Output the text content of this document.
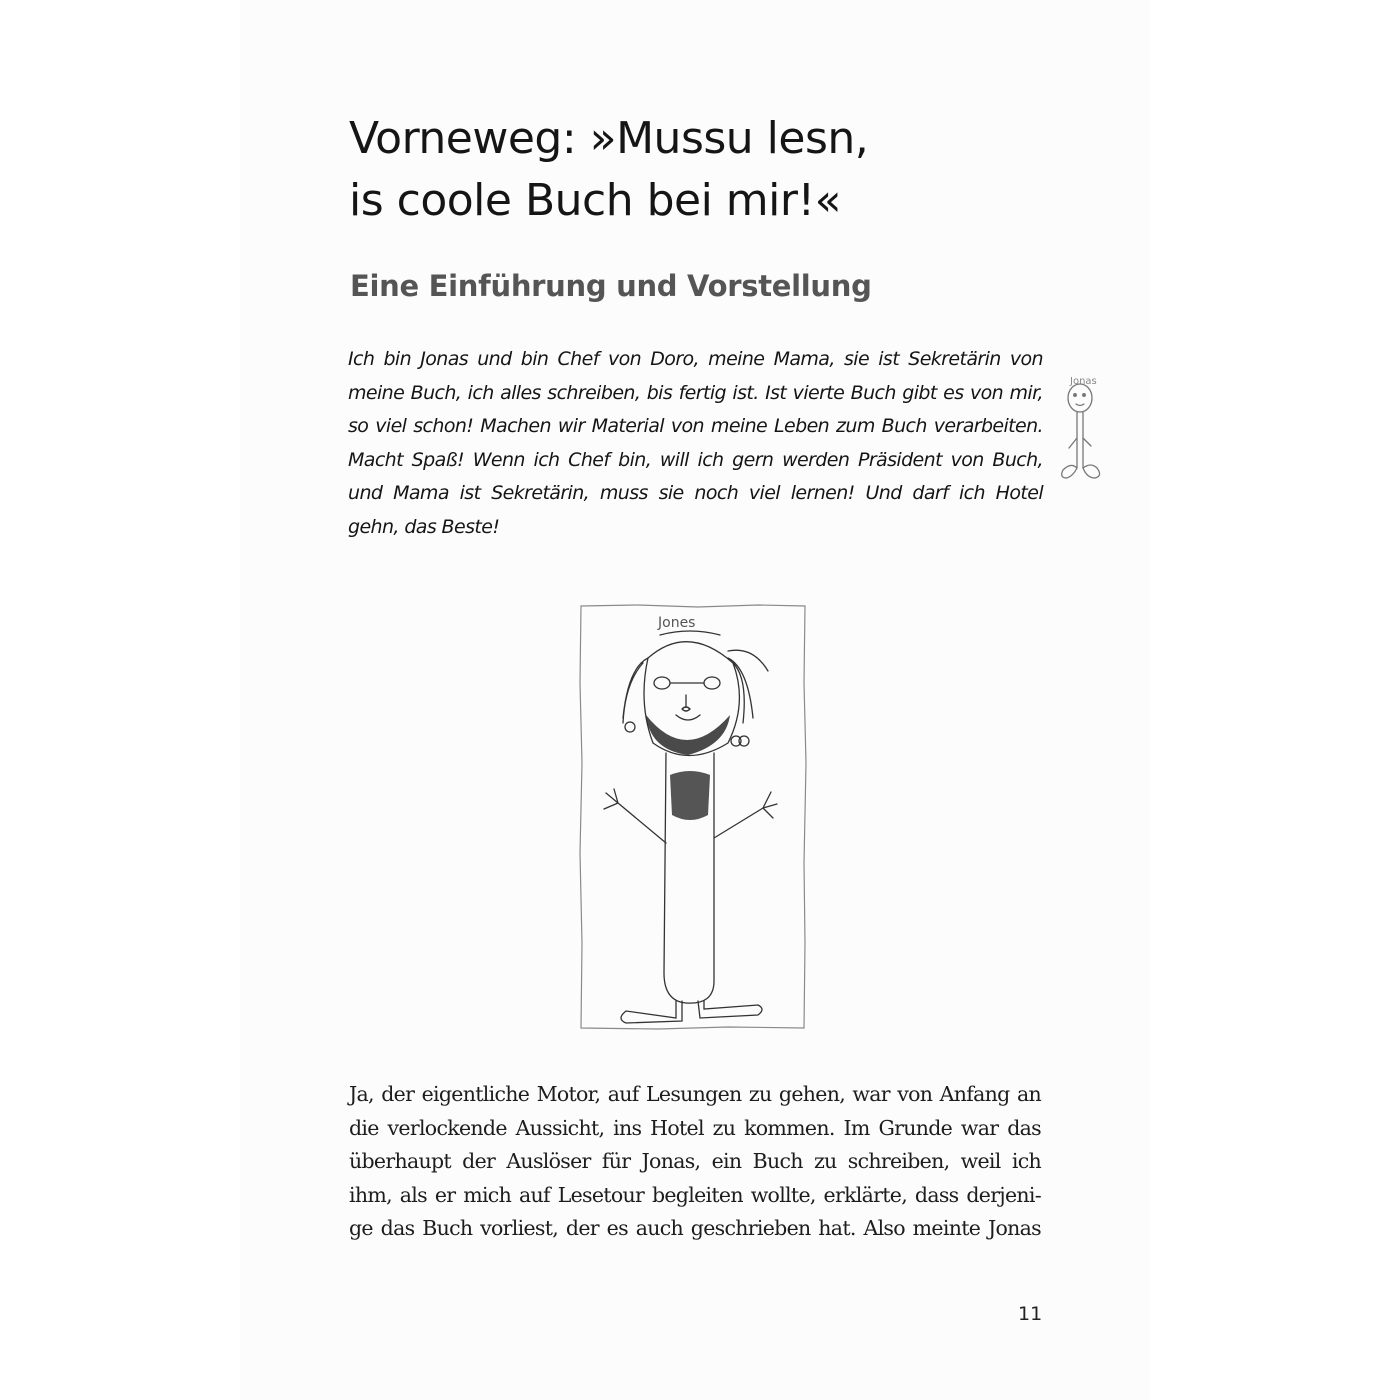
Vorneweg: »Mussu lesn,
is coole Buch bei mir!«
Eine Einführung und Vorstellung
Ich bin Jonas und bin Chef von Doro, meine Mama, sie ist Sekretärin von
meine Buch, ich alles schreiben, bis fertig ist. Ist vierte Buch gibt es von mir,
so viel schon! Machen wir Material von meine Leben zum Buch verarbeiten.
Macht Spaß! Wenn ich Chef bin, will ich gern werden Präsident von Buch,
und Mama ist Sekretärin, muss sie noch viel lernen! Und darf ich Hotel
gehn, das Beste!
Jonas
Jones
Ja, der eigentliche Motor, auf Lesungen zu gehen, war von Anfang an
die verlockende Aussicht, ins Hotel zu kommen. Im Grunde war das
überhaupt der Auslöser für Jonas, ein Buch zu schreiben, weil ich
ihm, als er mich auf Lesetour begleiten wollte, erklärte, dass derjeni-
ge das Buch vorliest, der es auch geschrieben hat. Also meinte Jonas
11
